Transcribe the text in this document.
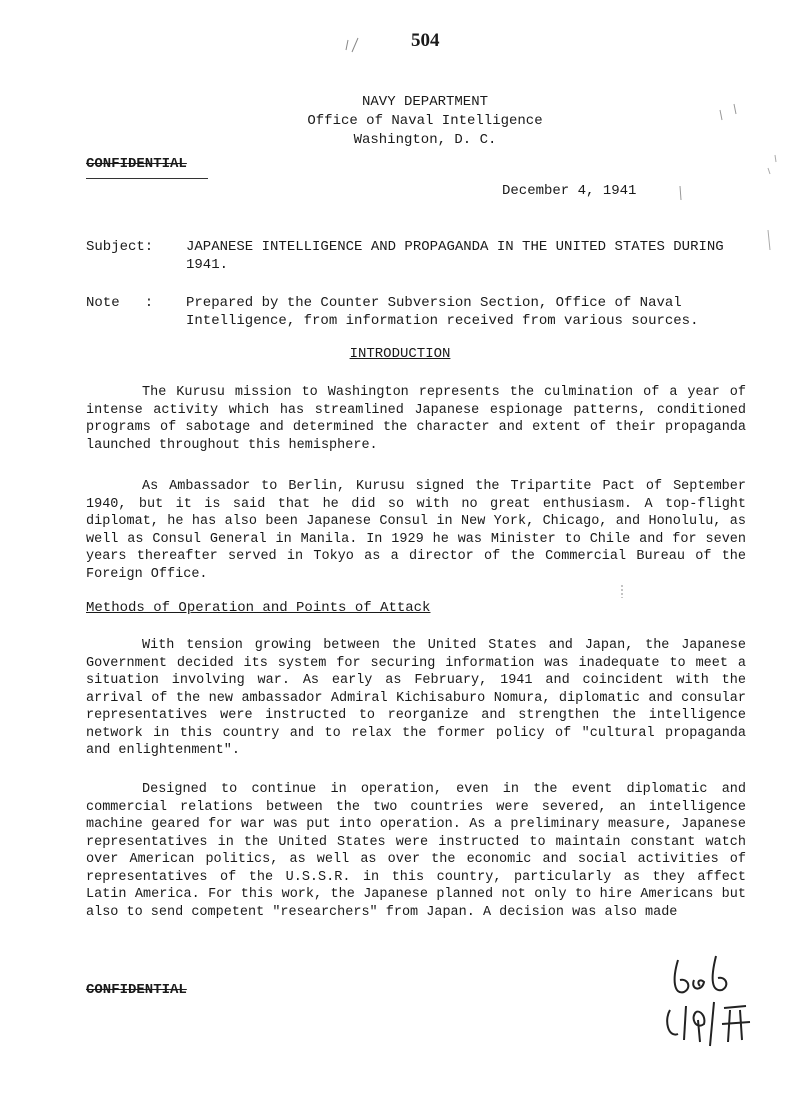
504
NAVY DEPARTMENT
Office of Naval Intelligence
Washington, D. C.
CONFIDENTIAL
December 4, 1941
Subject:	JAPANESE INTELLIGENCE AND PROPAGANDA IN THE UNITED STATES DURING 1941.
Note   :	Prepared by the Counter Subversion Section, Office of Naval Intelligence, from information received from various sources.
INTRODUCTION

The Kurusu mission to Washington represents the culmination of a year of intense activity which has streamlined Japanese espionage patterns, conditioned programs of sabotage and determined the character and extent of their propaganda launched throughout this hemisphere.

As Ambassador to Berlin, Kurusu signed the Tripartite Pact of September 1940, but it is said that he did so with no great enthusiasm. A top-flight diplomat, he has also been Japanese Consul in New York, Chicago, and Honolulu, as well as Consul General in Manila. In 1929 he was Minister to Chile and for seven years thereafter served in Tokyo as a director of the Commercial Bureau of the Foreign Office.

Methods of Operation and Points of Attack

With tension growing between the United States and Japan, the Japanese Government decided its system for securing information was inadequate to meet a situation involving war. As early as February, 1941 and coincident with the arrival of the new ambassador Admiral Kichisaburo Nomura, diplomatic and consular representatives were instructed to reorganize and strengthen the intelligence network in this country and to relax the former policy of "cultural propaganda and enlightenment".

Designed to continue in operation, even in the event diplomatic and commercial relations between the two countries were severed, an intelligence machine geared for war was put into operation. As a preliminary measure, Japanese representatives in the United States were instructed to maintain constant watch over American politics, as well as over the economic and social activities of representatives of the U.S.S.R. in this country, particularly as they affect Latin America. For this work, the Japanese planned not only to hire Americans but also to send competent "researchers" from Japan. A decision was also made

CONFIDENTIAL
